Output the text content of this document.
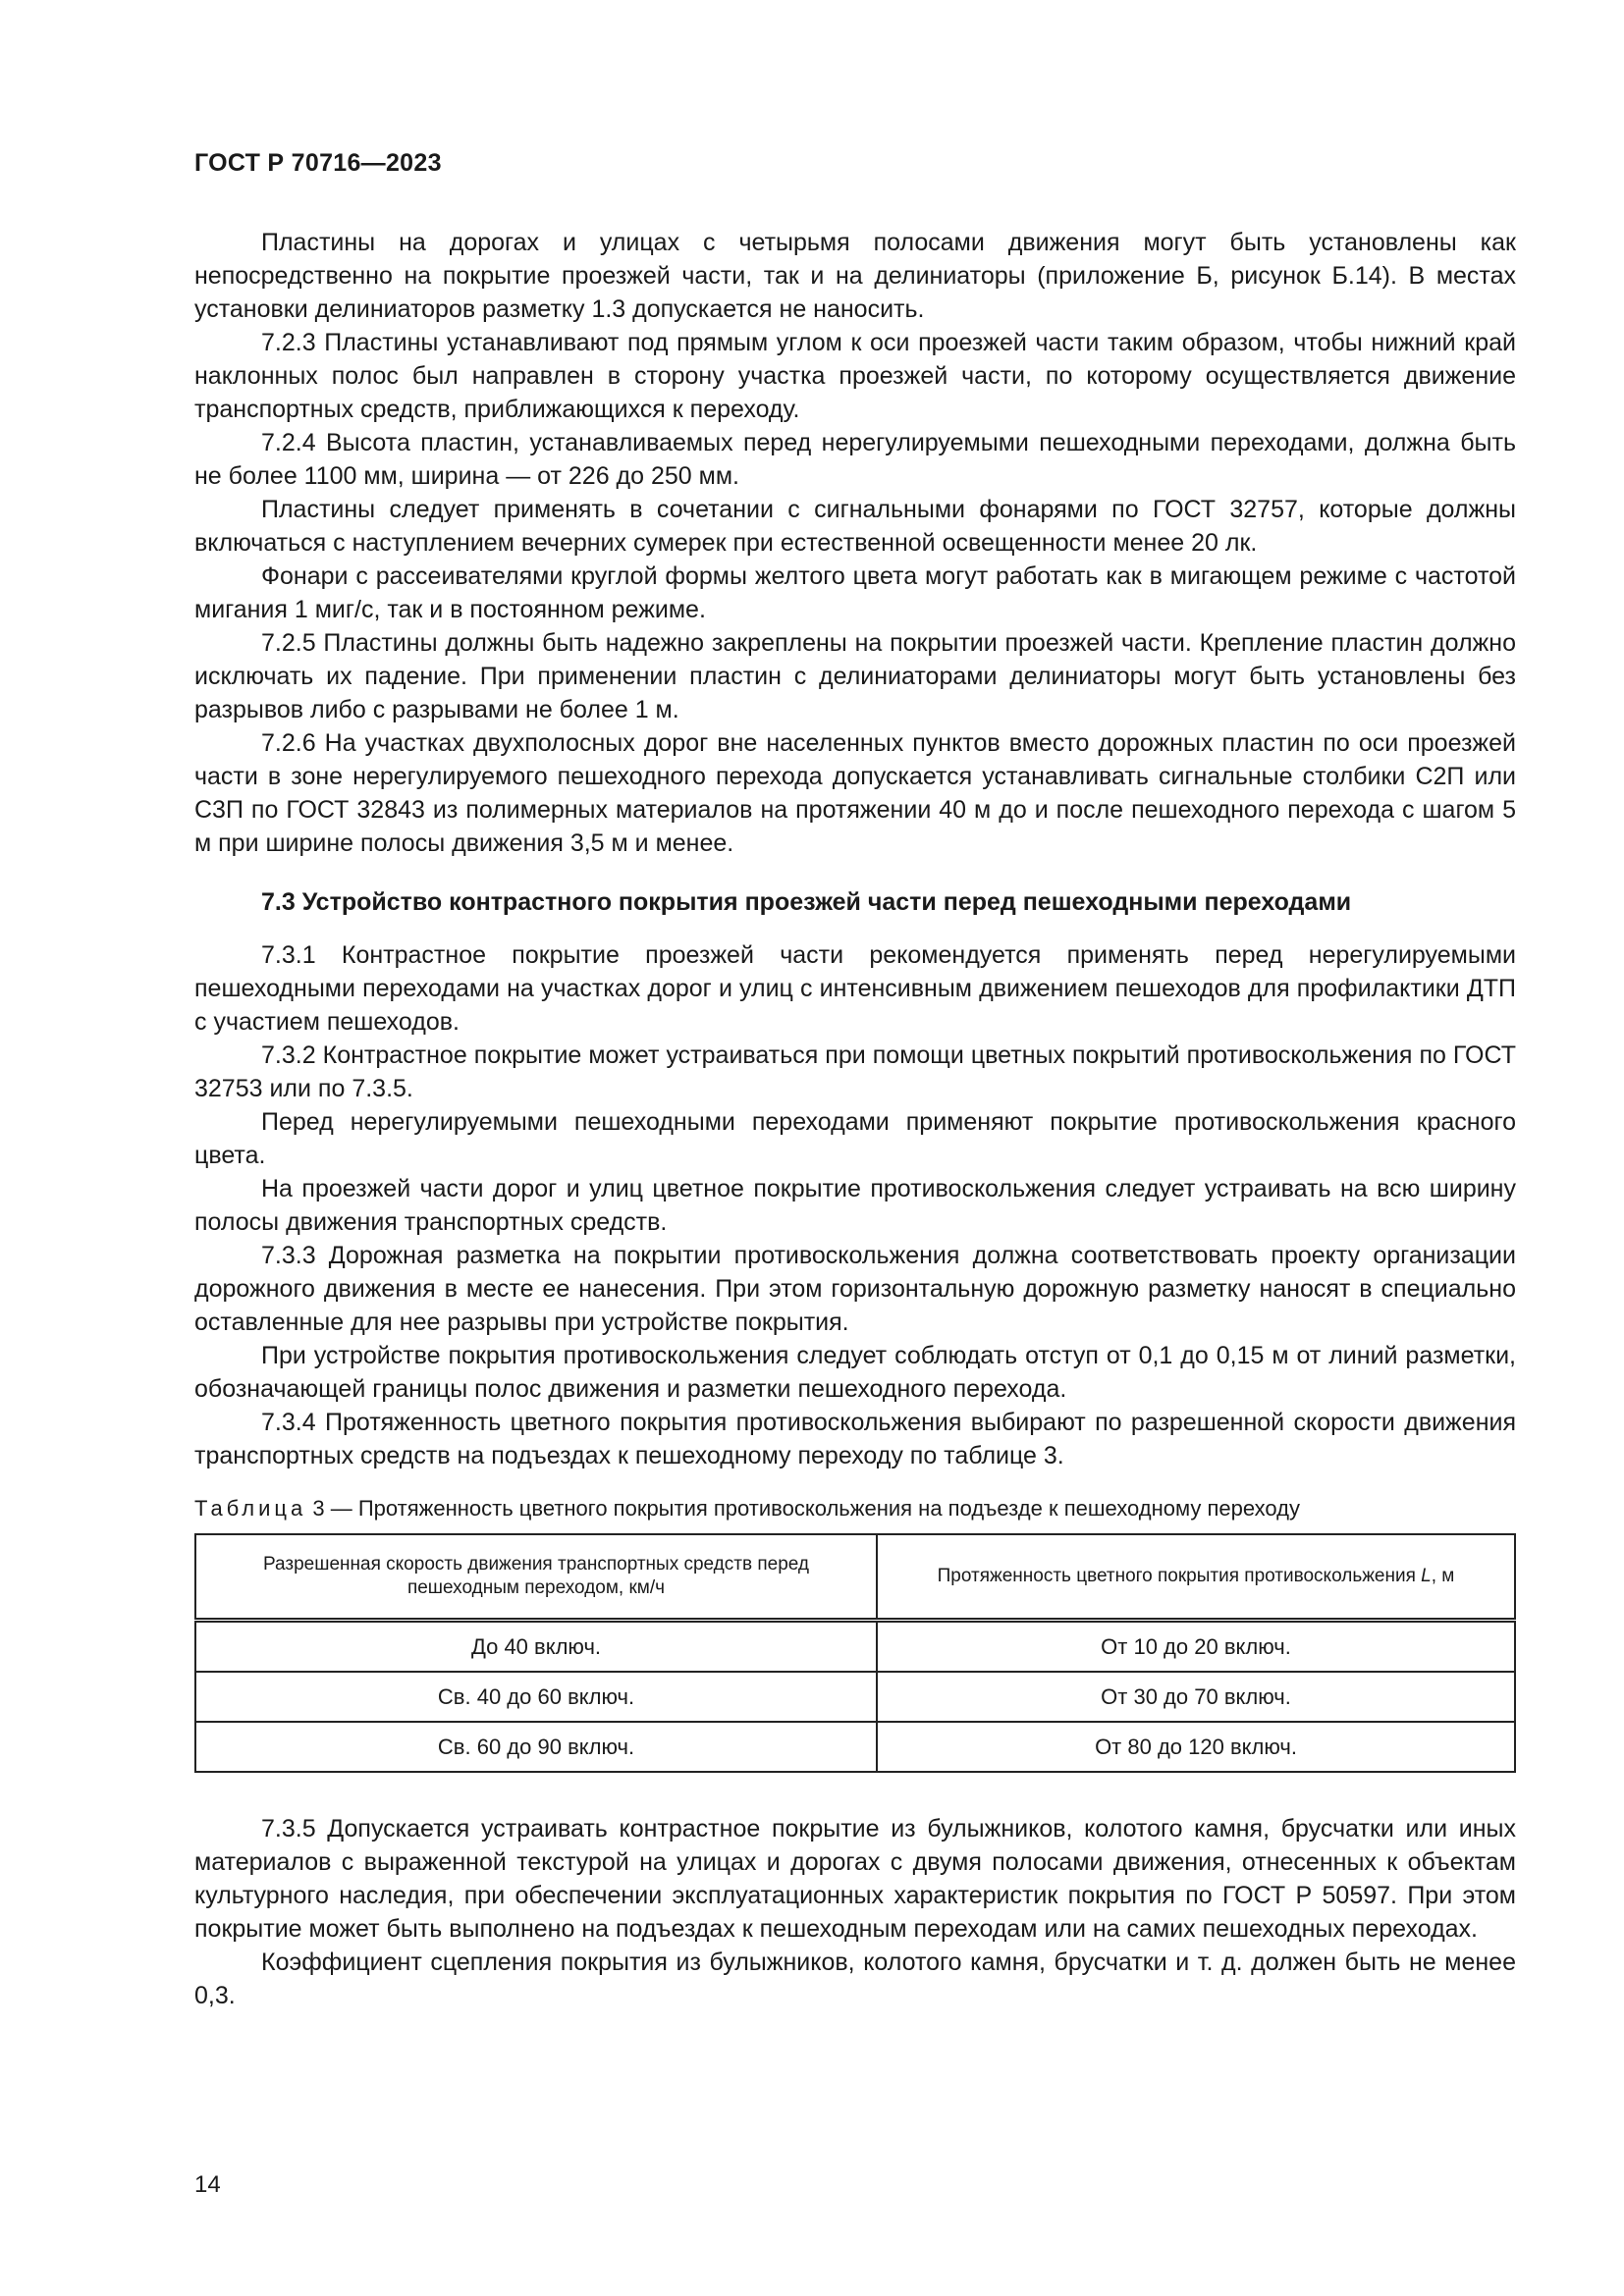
ГОСТ Р 70716—2023

Пластины на дорогах и улицах с четырьмя полосами движения могут быть установлены как непосредственно на покрытие проезжей части, так и на делиниаторы (приложение Б, рисунок Б.14). В местах установки делиниаторов разметку 1.3 допускается не наносить.

7.2.3 Пластины устанавливают под прямым углом к оси проезжей части таким образом, чтобы нижний край наклонных полос был направлен в сторону участка проезжей части, по которому осуществляется движение транспортных средств, приближающихся к переходу.

7.2.4 Высота пластин, устанавливаемых перед нерегулируемыми пешеходными переходами, должна быть не более 1100 мм, ширина — от 226 до 250 мм.

Пластины следует применять в сочетании с сигнальными фонарями по ГОСТ 32757, которые должны включаться с наступлением вечерних сумерек при естественной освещенности менее 20 лк.

Фонари с рассеивателями круглой формы желтого цвета могут работать как в мигающем режиме с частотой мигания 1 миг/с, так и в постоянном режиме.

7.2.5 Пластины должны быть надежно закреплены на покрытии проезжей части. Крепление пластин должно исключать их падение. При применении пластин с делиниаторами делиниаторы могут быть установлены без разрывов либо с разрывами не более 1 м.

7.2.6 На участках двухполосных дорог вне населенных пунктов вместо дорожных пластин по оси проезжей части в зоне нерегулируемого пешеходного перехода допускается устанавливать сигнальные столбики С2П или С3П по ГОСТ 32843 из полимерных материалов на протяжении 40 м до и после пешеходного перехода с шагом 5 м при ширине полосы движения 3,5 м и менее.

7.3 Устройство контрастного покрытия проезжей части перед пешеходными переходами

7.3.1 Контрастное покрытие проезжей части рекомендуется применять перед нерегулируемыми пешеходными переходами на участках дорог и улиц с интенсивным движением пешеходов для профилактики ДТП с участием пешеходов.

7.3.2 Контрастное покрытие может устраиваться при помощи цветных покрытий противоскольжения по ГОСТ 32753 или по 7.3.5.

Перед нерегулируемыми пешеходными переходами применяют покрытие противоскольжения красного цвета.

На проезжей части дорог и улиц цветное покрытие противоскольжения следует устраивать на всю ширину полосы движения транспортных средств.

7.3.3 Дорожная разметка на покрытии противоскольжения должна соответствовать проекту организации дорожного движения в месте ее нанесения. При этом горизонтальную дорожную разметку наносят в специально оставленные для нее разрывы при устройстве покрытия.

При устройстве покрытия противоскольжения следует соблюдать отступ от 0,1 до 0,15 м от линий разметки, обозначающей границы полос движения и разметки пешеходного перехода.

7.3.4 Протяженность цветного покрытия противоскольжения выбирают по разрешенной скорости движения транспортных средств на подъездах к пешеходному переходу по таблице 3.

Таблица 3 — Протяженность цветного покрытия противоскольжения на подъезде к пешеходному переходу
Разрешенная скорость движения транспортных средств перед пешеходным переходом, км/ч	Протяженность цветного покрытия противоскольжения L, м
До 40 включ.	От 10 до 20 включ.
Св. 40 до 60 включ.	От 30 до 70 включ.
Св. 60 до 90 включ.	От 80 до 120 включ.

7.3.5 Допускается устраивать контрастное покрытие из булыжников, колотого камня, брусчатки или иных материалов с выраженной текстурой на улицах и дорогах с двумя полосами движения, отнесенных к объектам культурного наследия, при обеспечении эксплуатационных характеристик покрытия по ГОСТ Р 50597. При этом покрытие может быть выполнено на подъездах к пешеходным переходам или на самих пешеходных переходах.

Коэффициент сцепления покрытия из булыжников, колотого камня, брусчатки и т. д. должен быть не менее 0,3.

14
